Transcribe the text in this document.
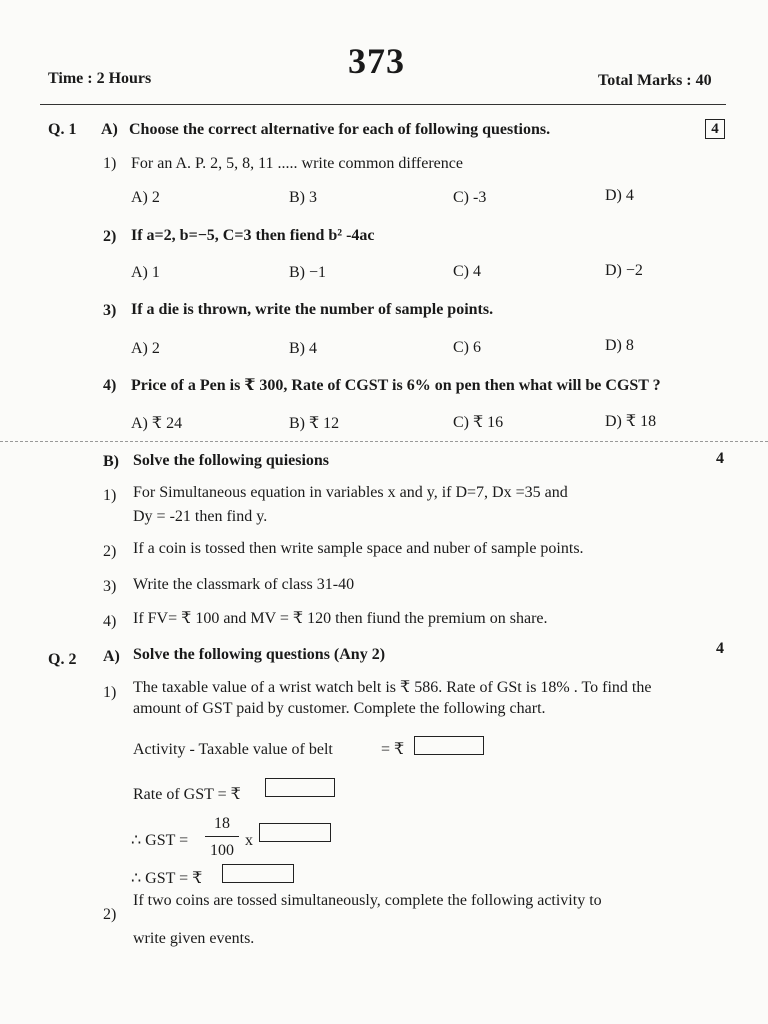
373
Time : 2 Hours	Total Marks : 40
Q. 1 A) Choose the correct alternative for each of following questions.	4
1) For an A. P. 2, 5, 8, 11 ..... write common difference
A) 2	B) 3	C) -3	D) 4
2) If a=2, b=−5, C=3 then fiend b² -4ac
A) 1	B) −1	C) 4	D) −2
3) If a die is thrown, write the number of sample points.
A) 2	B) 4	C) 6	D) 8
4) Price of a Pen is ₹ 300, Rate of CGST is 6% on pen then what will be CGST ?
A) ₹ 24	B) ₹ 12	C) ₹ 16	D) ₹ 18
B) Solve the following quiesions	4
1) For Simultaneous equation in variables x and y, if D=7, Dx =35 and
Dy = -21 then find y.
2) If a coin is tossed then write sample space and nuber of sample points.
3) Write the classmark of class 31-40
4) If FV= ₹ 100 and MV = ₹ 120 then fiund the premium on share.
Q. 2 A) Solve the following questions (Any 2)	4
1) The taxable value of a wrist watch belt is ₹ 586. Rate of GSt is 18% . To find the
amount of GST paid by customer. Complete the following chart.
Activity - Taxable value of belt	= ₹
Rate of GST = ₹
∴ GST =
18
100
x
∴ GST = ₹
2)
If two coins are tossed simultaneously, complete the following activity to
write given events.
